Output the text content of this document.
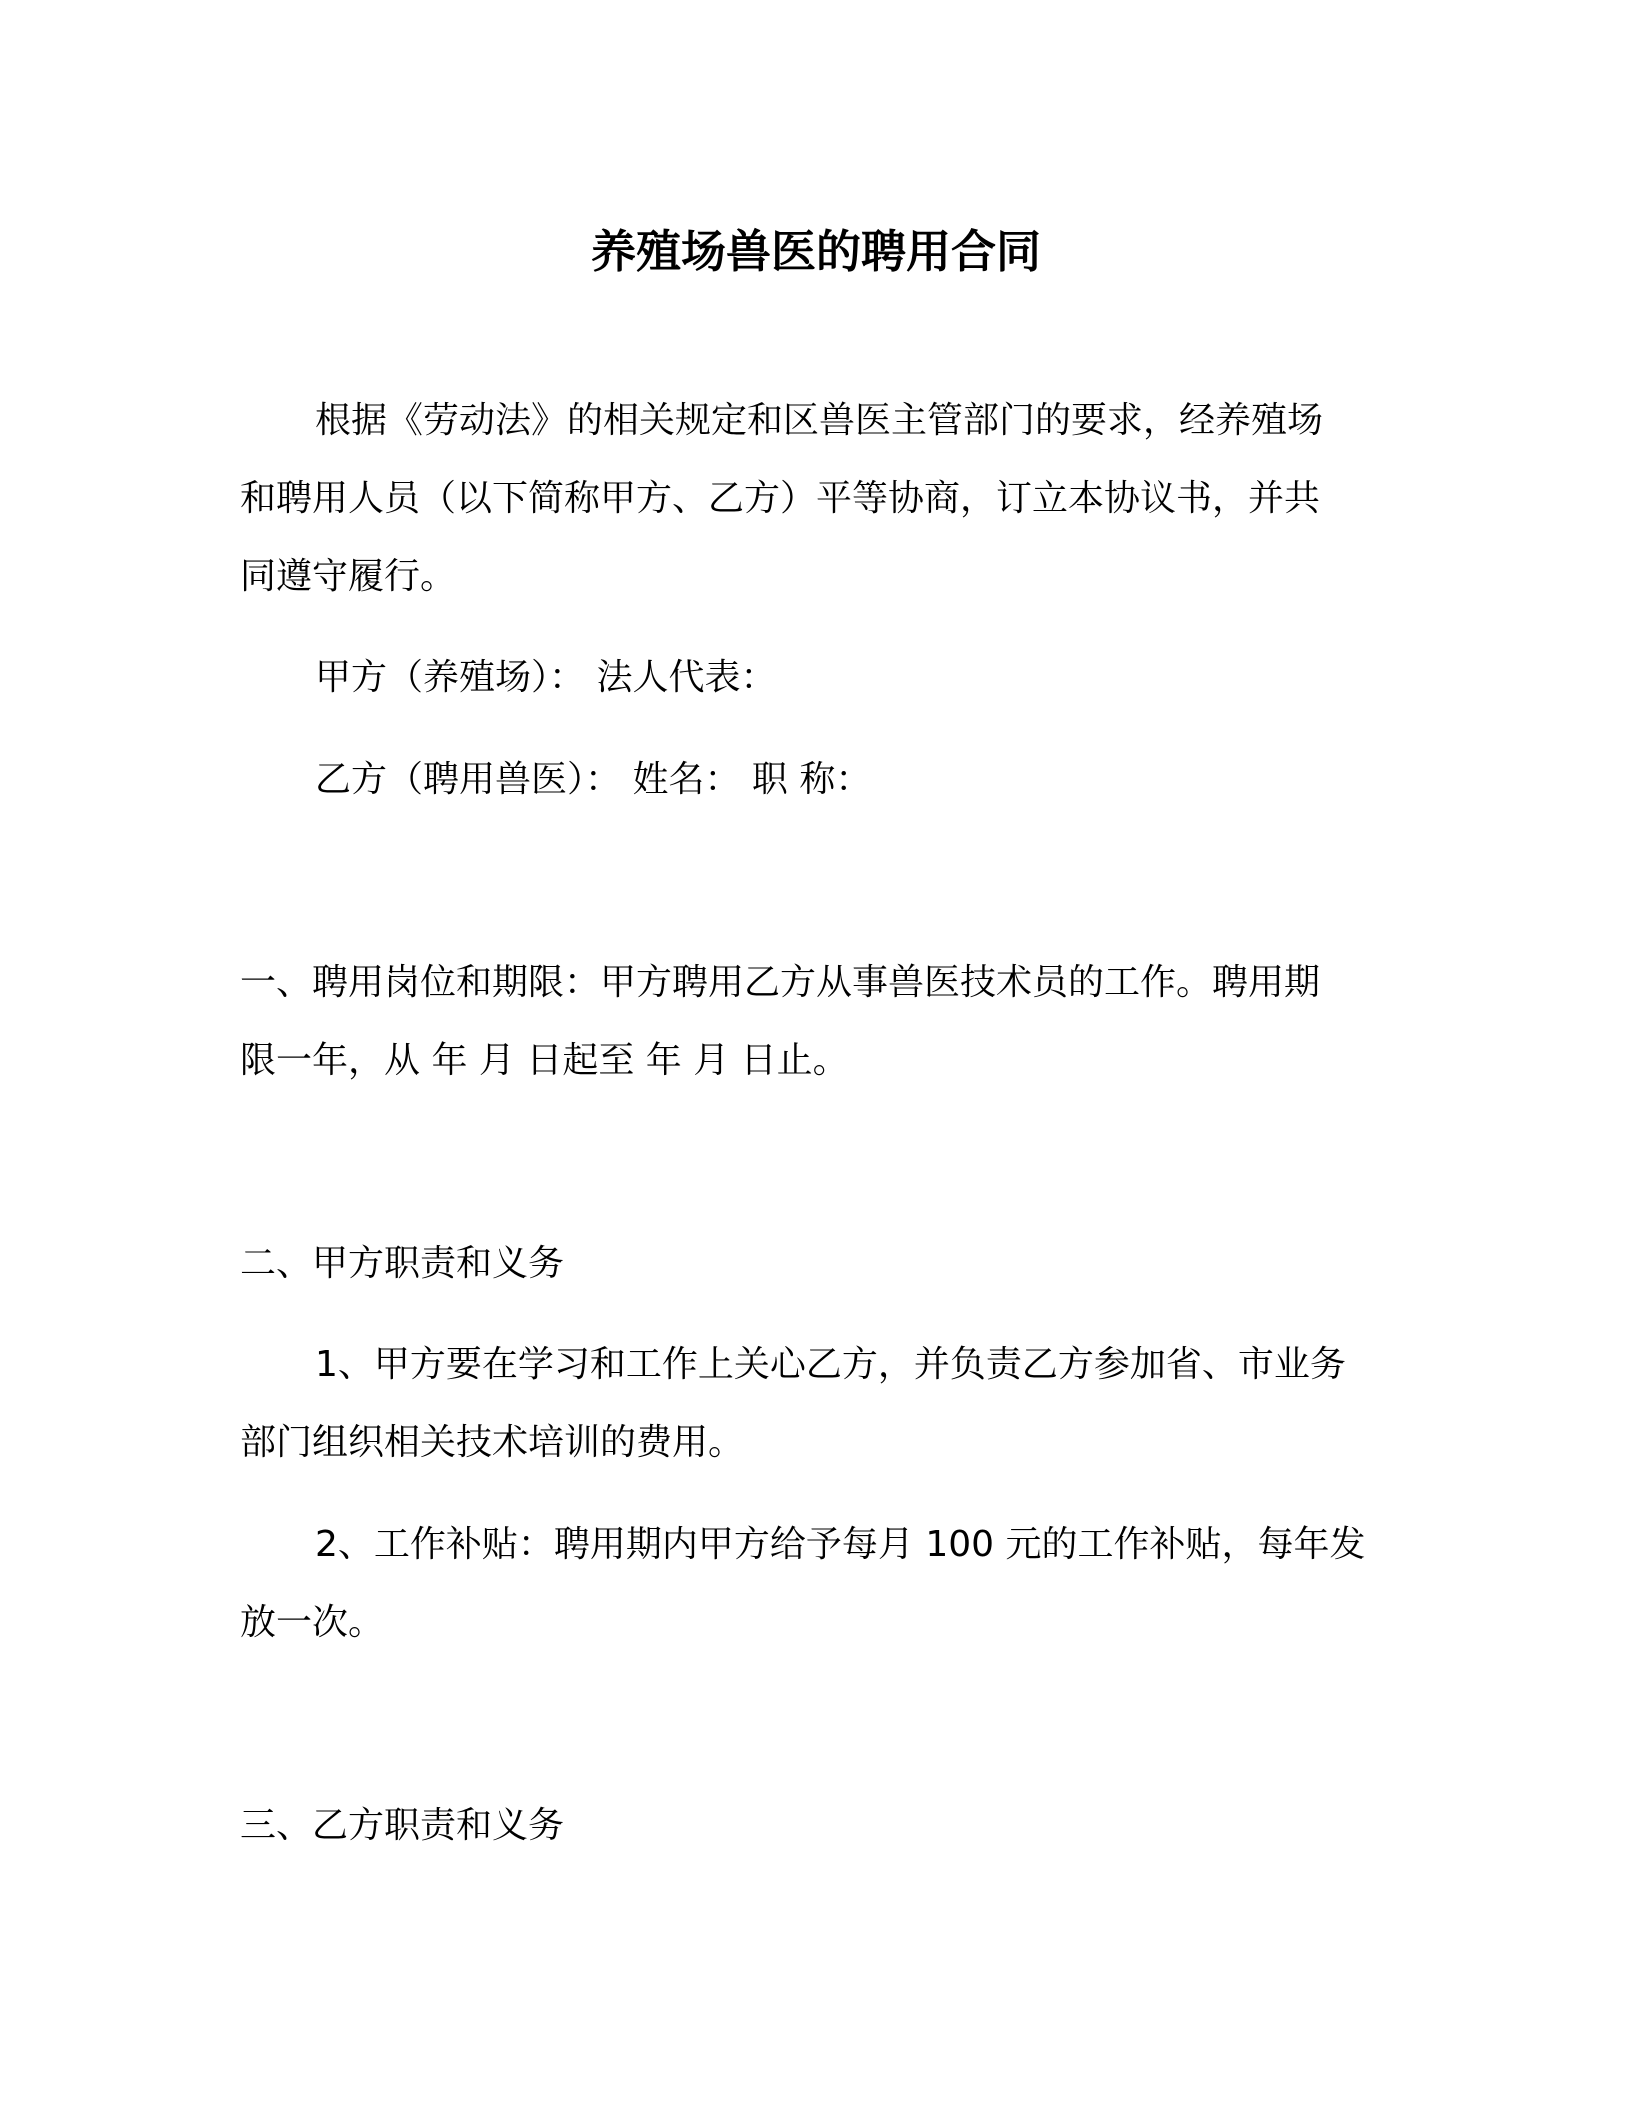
养殖场兽医的聘用合同

根据《劳动法》的相关规定和区兽医主管部门的要求，经养殖场

和聘用人员（以下简称甲方、乙方）平等协商，订立本协议书，并共

同遵守履行。

甲方（养殖场）： 法人代表：

乙方（聘用兽医）： 姓名： 职 称：

一、聘用岗位和期限：甲方聘用乙方从事兽医技术员的工作。聘用期

限一年，从 年 月 日起至 年 月 日止。

二、甲方职责和义务

1、甲方要在学习和工作上关心乙方，并负责乙方参加省、市业务

部门组织相关技术培训的费用。

2、工作补贴：聘用期内甲方给予每月 100 元的工作补贴，每年发

放一次。

三、乙方职责和义务
